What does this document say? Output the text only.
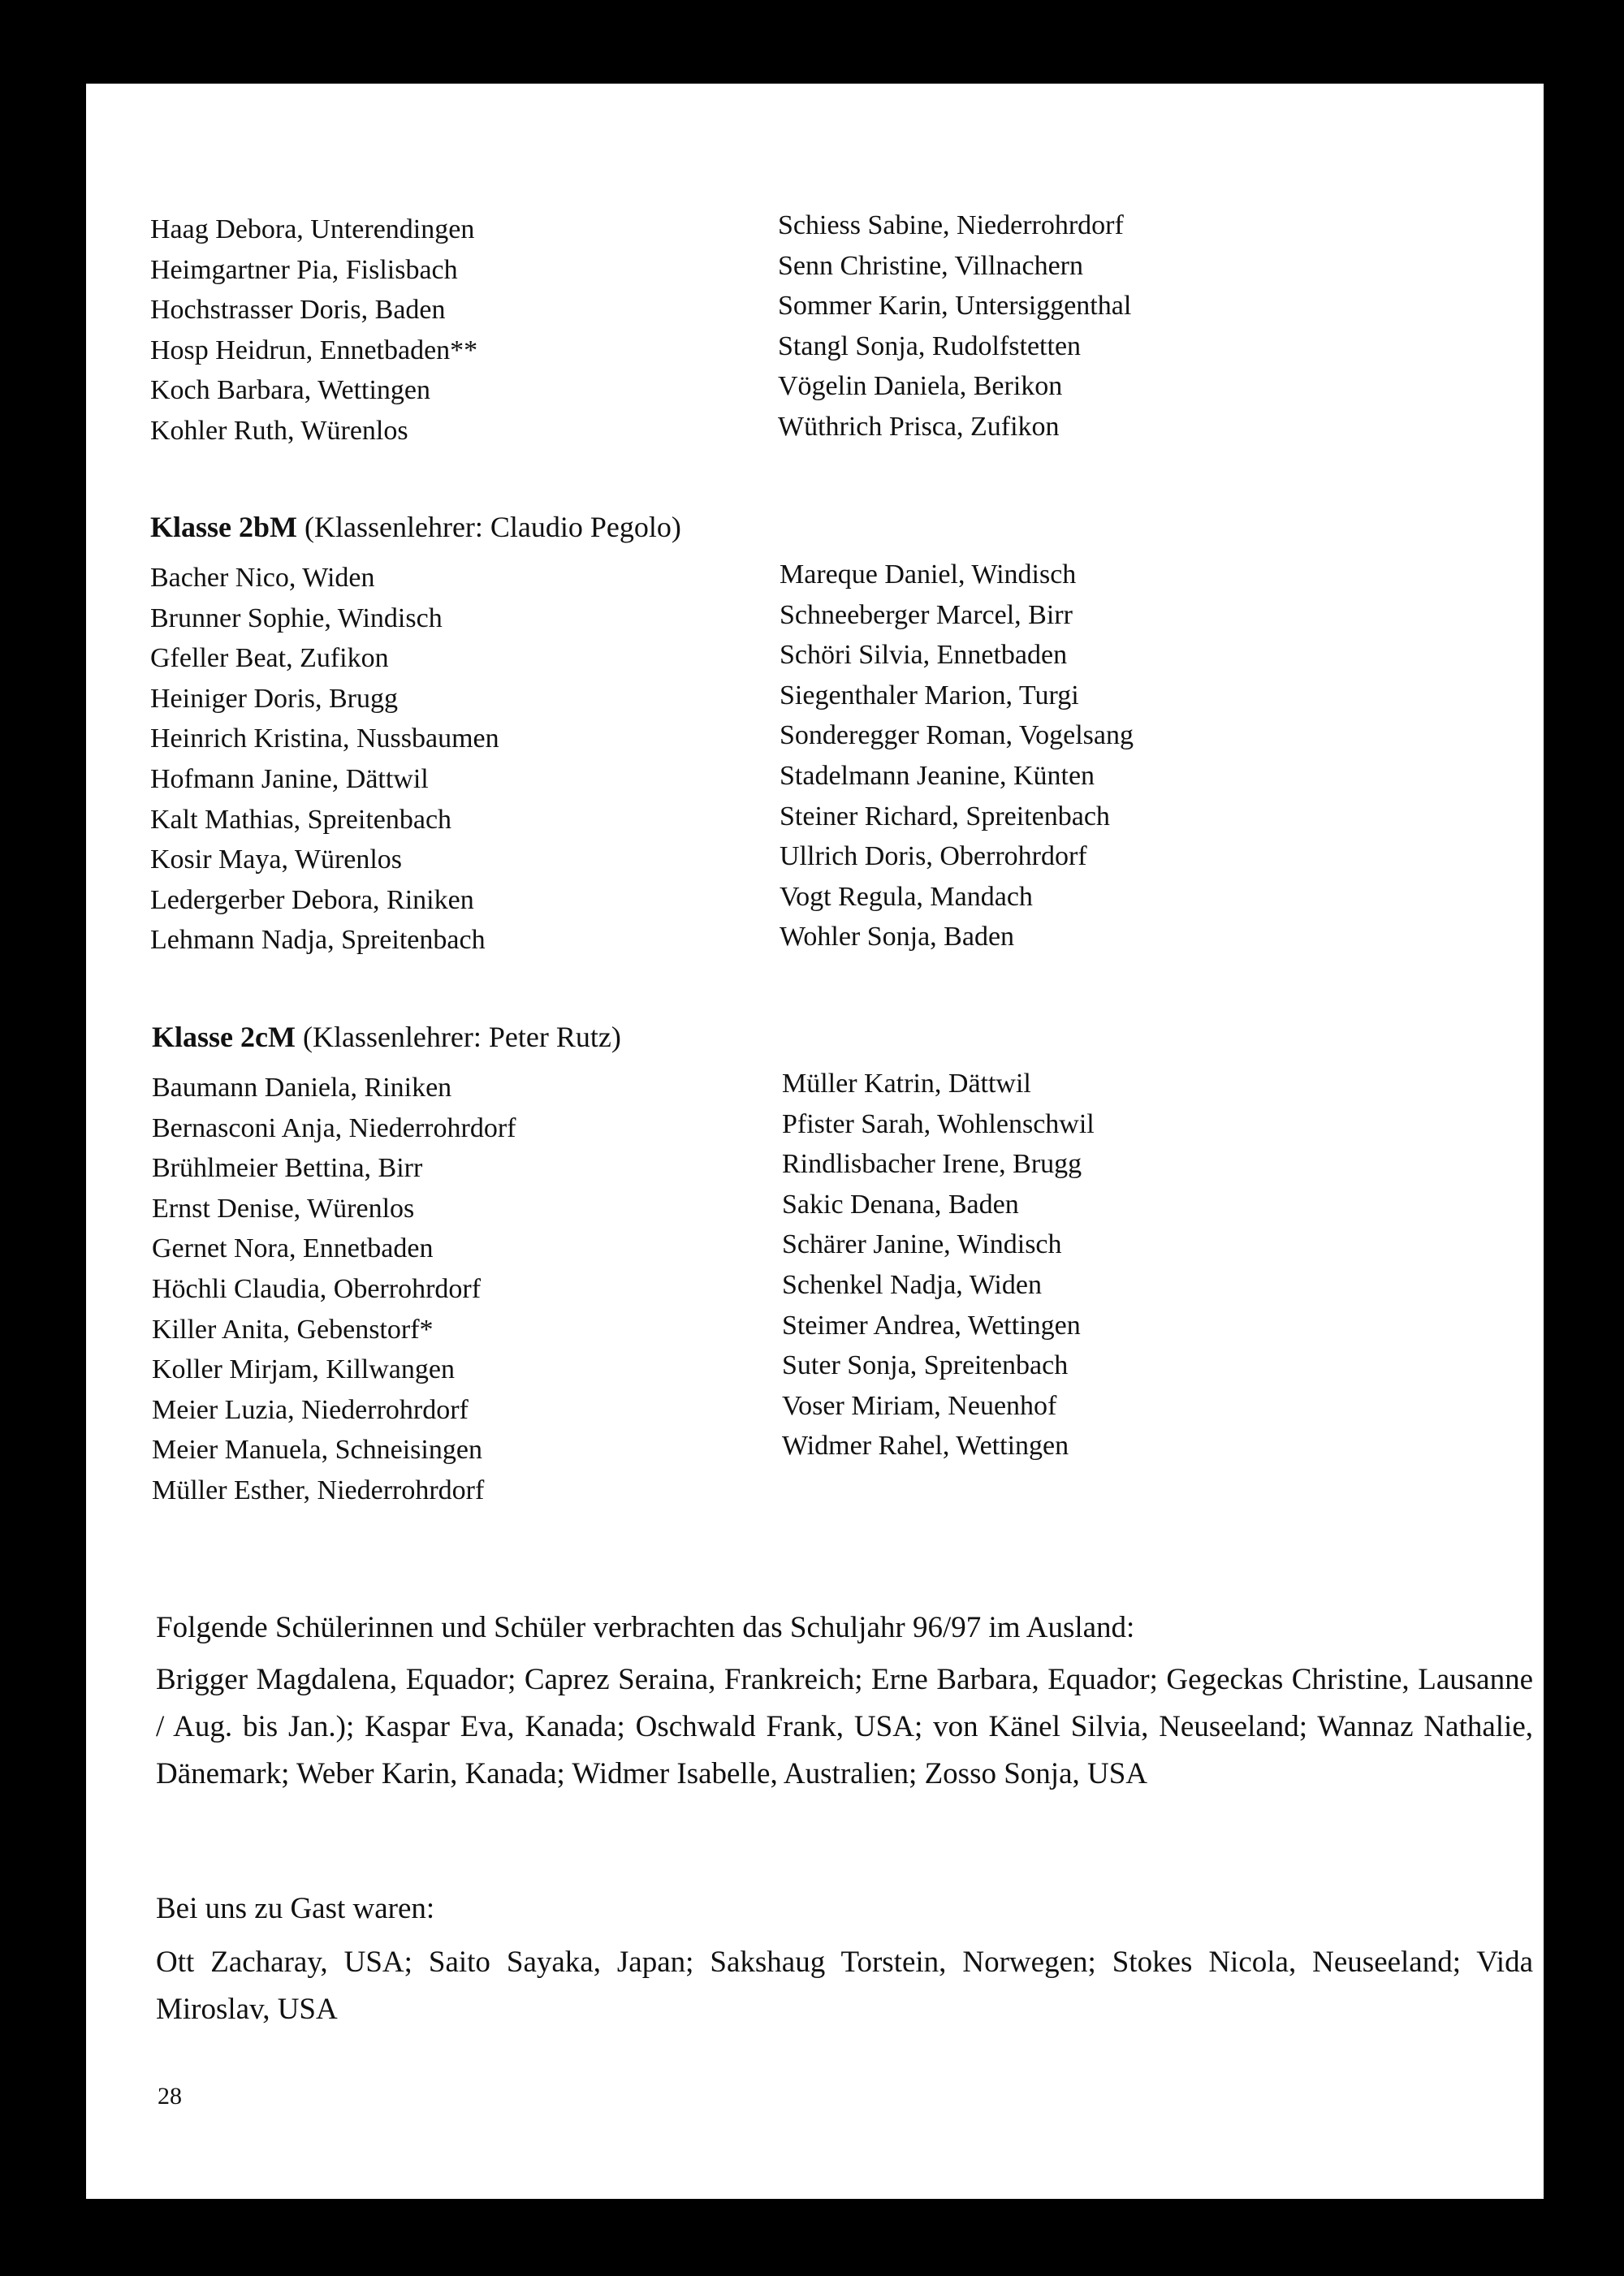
Haag Debora, Unterendingen
Heimgartner Pia, Fislisbach
Hochstrasser Doris, Baden
Hosp Heidrun, Ennetbaden**
Koch Barbara, Wettingen
Kohler Ruth, Würenlos
Schiess Sabine, Niederrohrdorf
Senn Christine, Villnachern
Sommer Karin, Untersiggenthal
Stangl Sonja, Rudolfstetten
Vögelin Daniela, Berikon
Wüthrich Prisca, Zufikon
Klasse 2bM (Klassenlehrer: Claudio Pegolo)
Bacher Nico, Widen
Brunner Sophie, Windisch
Gfeller Beat, Zufikon
Heiniger Doris, Brugg
Heinrich Kristina, Nussbaumen
Hofmann Janine, Dättwil
Kalt Mathias, Spreitenbach
Kosir Maya, Würenlos
Ledergerber Debora, Riniken
Lehmann Nadja, Spreitenbach
Mareque Daniel, Windisch
Schneeberger Marcel, Birr
Schöri Silvia, Ennetbaden
Siegenthaler Marion, Turgi
Sonderegger Roman, Vogelsang
Stadelmann Jeanine, Künten
Steiner Richard, Spreitenbach
Ullrich Doris, Oberrohrdorf
Vogt Regula, Mandach
Wohler Sonja, Baden
Klasse 2cM (Klassenlehrer: Peter Rutz)
Baumann Daniela, Riniken
Bernasconi Anja, Niederrohrdorf
Brühlmeier Bettina, Birr
Ernst Denise, Würenlos
Gernet Nora, Ennetbaden
Höchli Claudia, Oberrohrdorf
Killer Anita, Gebenstorf*
Koller Mirjam, Killwangen
Meier Luzia, Niederrohrdorf
Meier Manuela, Schneisingen
Müller Esther, Niederrohrdorf
Müller Katrin, Dättwil
Pfister Sarah, Wohlenschwil
Rindlisbacher Irene, Brugg
Sakic Denana, Baden
Schärer Janine, Windisch
Schenkel Nadja, Widen
Steimer Andrea, Wettingen
Suter Sonja, Spreitenbach
Voser Miriam, Neuenhof
Widmer Rahel, Wettingen
Folgende Schülerinnen und Schüler verbrachten das Schuljahr 96/97 im Ausland:
Brigger Magdalena, Equador; Caprez Seraina, Frankreich; Erne Barbara, Equador; Gegeckas Christine, Lausanne / Aug. bis Jan.); Kaspar Eva, Kanada; Oschwald Frank, USA; von Känel Silvia, Neuseeland; Wannaz Nathalie, Dänemark; Weber Karin, Kanada; Widmer Isabelle, Australien; Zosso Sonja, USA
Bei uns zu Gast waren:
Ott Zacharay, USA; Saito Sayaka, Japan; Sakshaug Torstein, Norwegen; Stokes Nicola, Neuseeland; Vida Miroslav, USA
28
